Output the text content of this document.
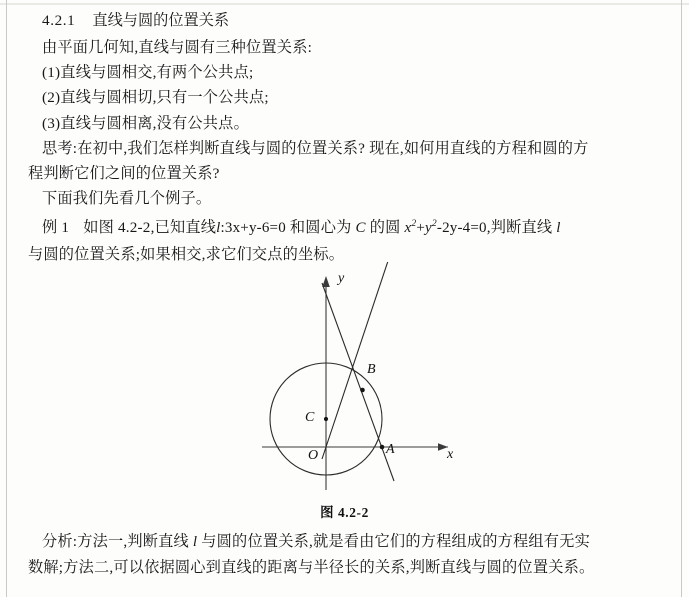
4.2.1 直线与圆的位置关系

由平面几何知,直线与圆有三种位置关系:

(1)直线与圆相交,有两个公共点;

(2)直线与圆相切,只有一个公共点;

(3)直线与圆相离,没有公共点。

思考:在初中,我们怎样判断直线与圆的位置关系? 现在,如何用直线的方程和圆的方

程判断它们之间的位置关系?

下面我们先看几个例子。

例 1 如图 4.2-2,已知直线l:3x+y-6=0 和圆心为 C 的圆 $x^2+y^2-2y-4=0$,判断直线 l

与圆的位置关系;如果相交,求它们交点的坐标。

y
x
O	A
B
C
图 4.2-2

分析:方法一,判断直线 l 与圆的位置关系,就是看由它们的方程组成的方程组有无实

数解;方法二,可以依据圆心到直线的距离与半径长的关系,判断直线与圆的位置关系。
